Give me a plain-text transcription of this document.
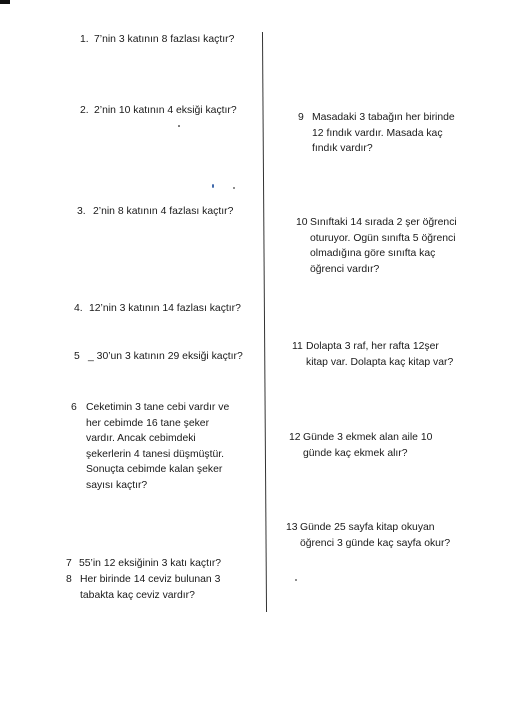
1. 7’nin 3 katının 8 fazlası kaçtır?
2. 2’nin 10 katının 4 eksiği kaçtır?
3. 2’nin 8 katının 4 fazlası kaçtır?
4. 12’nin 3 katının 14 fazlası kaçtır?
5 _ 30’un 3 katının 29 eksiği kaçtır?
6 Ceketimin 3 tane cebi vardır ve
her cebimde 16 tane şeker
vardır. Ancak cebimdeki
şekerlerin 4 tanesi düşmüştür.
Sonuçta cebimde kalan şeker
sayısı kaçtır?
7 55’in 12 eksiğinin 3 katı kaçtır?
8 Her birinde 14 ceviz bulunan 3
tabakta kaç ceviz vardır?
9 Masadaki 3 tabağın her birinde
12 fındık vardır. Masada kaç
fındık vardır?
10 Sınıftaki 14 sırada 2 şer öğrenci
oturuyor. Ogün sınıfta 5 öğrenci
olmadığına göre sınıfta kaç
öğrenci vardır?
11 Dolapta 3 raf, her rafta 12şer
kitap var. Dolapta kaç kitap var?
12 Günde 3 ekmek alan aile 10
günde kaç ekmek alır?
13 Günde 25 sayfa kitap okuyan
öğrenci 3 günde kaç sayfa okur?
